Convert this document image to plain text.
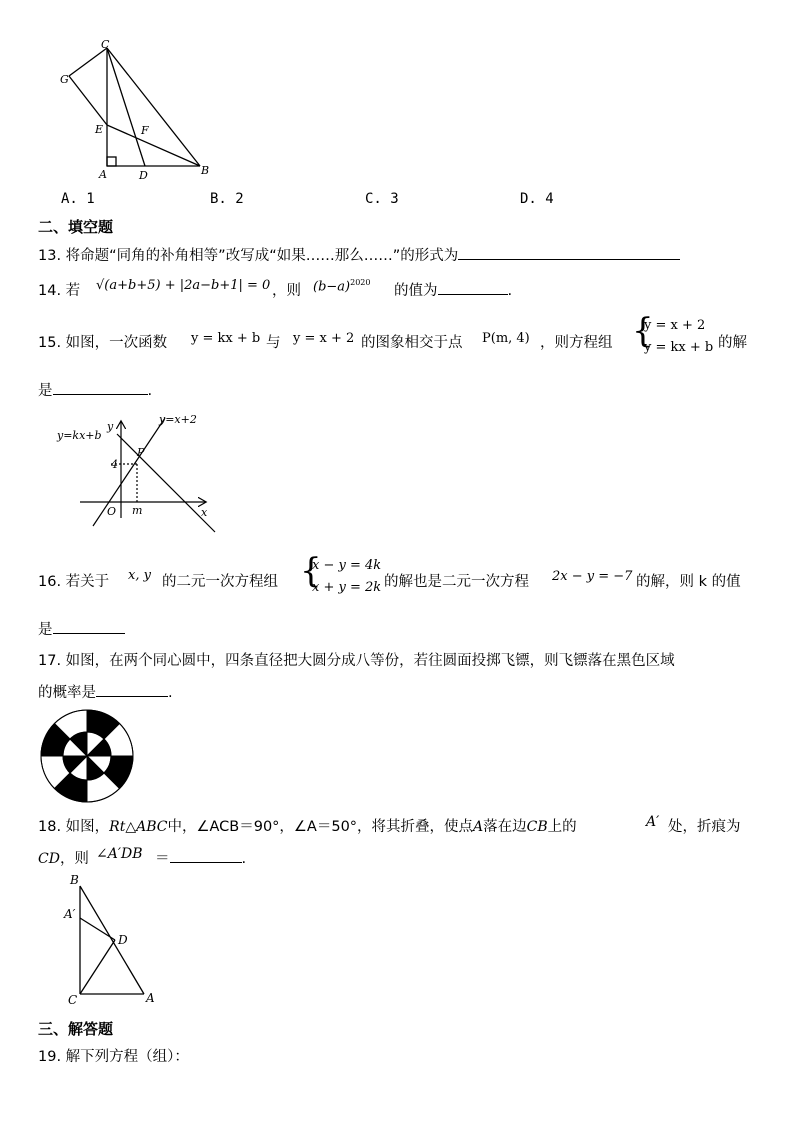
C
G
E	F
A	D	B
A. 1	B. 2	C. 3	D. 4
二、填空题
13. 将命题“同角的补角相等”改写成“如果……那么……”的形式为
14. 若 √(a+b+5) + |2a−b+1| = 0 ，则 $(b-a)^{2020}$
的值为	.
15. 如图，一次函数 y = kx + b 与 y = x + 2 的图象相交于点 P(m, 4) ，则方程组 {
y = x + 2
y = kx + b 的解
是	.
y=kx+b
y
y=x+2
P
4
O m	x
16. 若关于 x, y 的二元一次方程组 {
x − y = 4k
x + y = 2k 的解也是二元一次方程 2x − y = −7 的解，则 k 的值
是
17. 如图，在两个同心圆中，四条直径把大圆分成八等份，若往圆面投掷飞镖，则飞镖落在黑色区域
的概率是	.
18. 如图，Rt△ABC中，∠ACB＝90°，∠A＝50°，将其折叠，使点A落在边CB上的	A′ 处，折痕为
CD，则 ∠A′DB ＝	.
B
A′
D
C	A
三、解答题
19. 解下列方程（组）：
